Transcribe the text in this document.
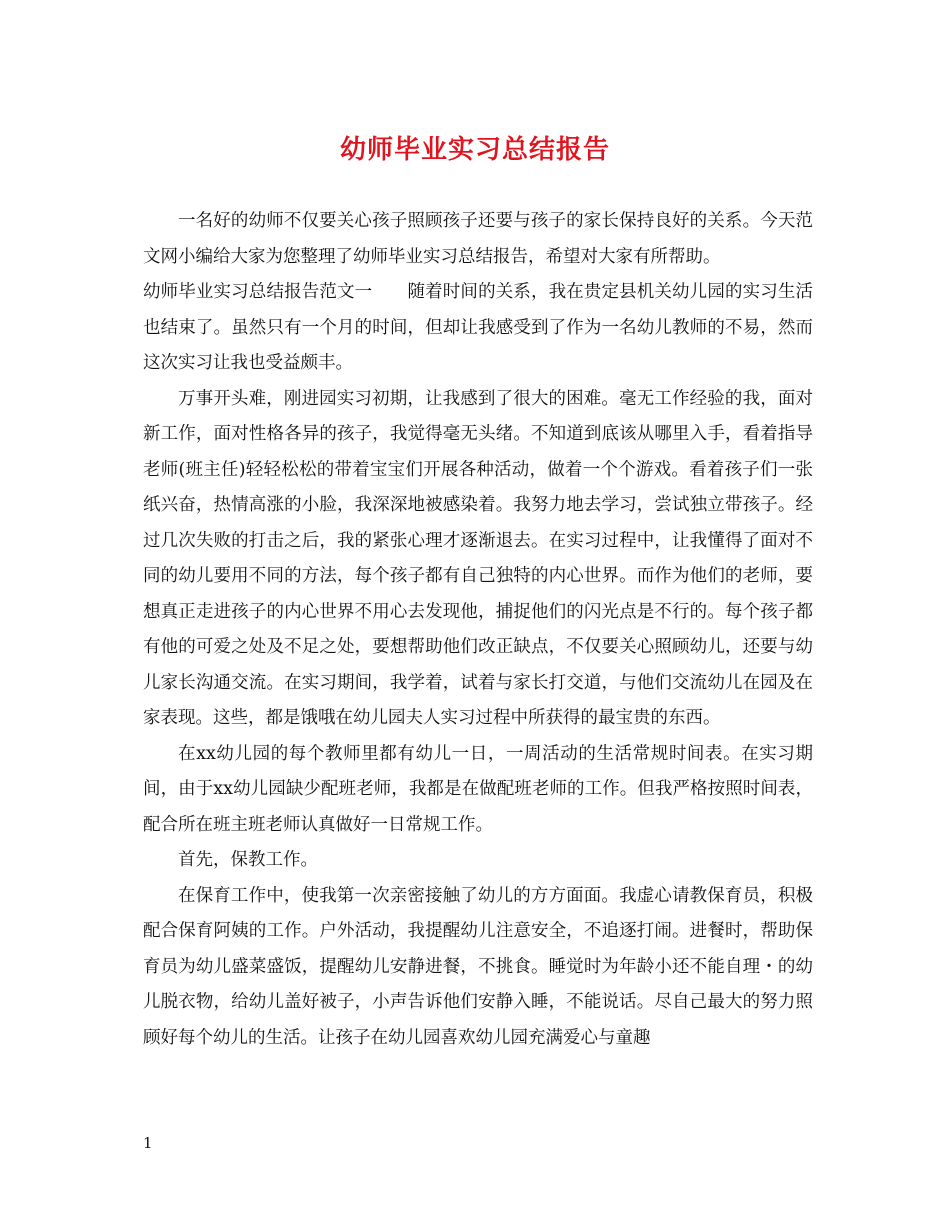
幼师毕业实习总结报告

一名好的幼师不仅要关心孩子照顾孩子还要与孩子的家长保持良好的关系。今天范文网小编给大家为您整理了幼师毕业实习总结报告，希望对大家有所帮助。

幼师毕业实习总结报告范文一　　随着时间的关系，我在贵定县机关幼儿园的实习生活也结束了。虽然只有一个月的时间，但却让我感受到了作为一名幼儿教师的不易，然而这次实习让我也受益颇丰。

万事开头难，刚进园实习初期，让我感到了很大的困难。毫无工作经验的我，面对新工作，面对性格各异的孩子，我觉得毫无头绪。不知道到底该从哪里入手，看着指导老师(班主任)轻轻松松的带着宝宝们开展各种活动，做着一个个游戏。看着孩子们一张纸兴奋，热情高涨的小脸，我深深地被感染着。我努力地去学习，尝试独立带孩子。经过几次失败的打击之后，我的紧张心理才逐渐退去。在实习过程中，让我懂得了面对不同的幼儿要用不同的方法，每个孩子都有自己独特的内心世界。而作为他们的老师，要想真正走进孩子的内心世界不用心去发现他，捕捉他们的闪光点是不行的。每个孩子都有他的可爱之处及不足之处，要想帮助他们改正缺点，不仅要关心照顾幼儿，还要与幼儿家长沟通交流。在实习期间，我学着，试着与家长打交道，与他们交流幼儿在园及在家表现。这些，都是饿哦在幼儿园夫人实习过程中所获得的最宝贵的东西。

在xx幼儿园的每个教师里都有幼儿一日，一周活动的生活常规时间表。在实习期间，由于xx幼儿园缺少配班老师，我都是在做配班老师的工作。但我严格按照时间表，配合所在班主班老师认真做好一日常规工作。

首先，保教工作。

在保育工作中，使我第一次亲密接触了幼儿的方方面面。我虚心请教保育员，积极配合保育阿姨的工作。户外活动，我提醒幼儿注意安全，不追逐打闹。进餐时，帮助保育员为幼儿盛菜盛饭，提醒幼儿安静进餐，不挑食。睡觉时为年龄小还不能自理・的幼儿脱衣物，给幼儿盖好被子，小声告诉他们安静入睡，不能说话。尽自己最大的努力照顾好每个幼儿的生活。让孩子在幼儿园喜欢幼儿园充满爱心与童趣

1
